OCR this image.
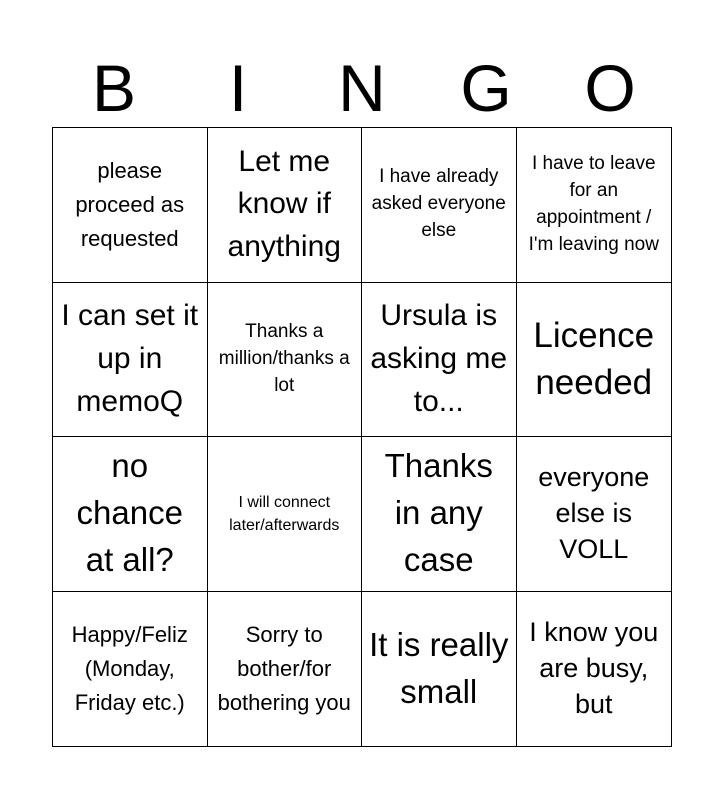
B	I	N	G	O
please proceed as requested
Let me know if anything
I have already asked everyone else
I have to leave for an appointment / I'm leaving now
I can set it up in memoQ
Thanks a million/thanks a lot
Ursula is asking me to...
Licence needed
no chance at all?
I will connect later/afterwards
Thanks in any case
everyone else is VOLL
Happy/Feliz (Monday, Friday etc.)
Sorry to bother/for bothering you
It is really small
I know you are busy, but
